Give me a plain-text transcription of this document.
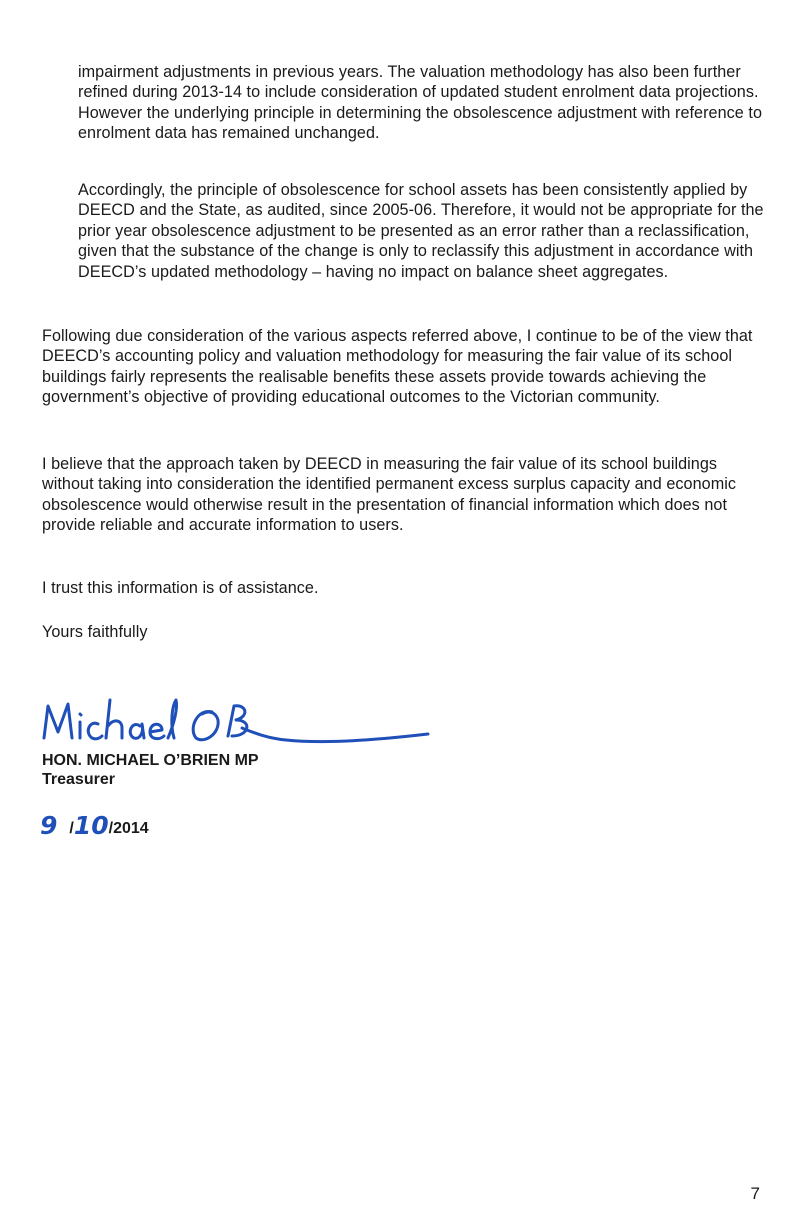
impairment adjustments in previous years. The valuation methodology has also been further refined during 2013-14 to include consideration of updated student enrolment data projections. However the underlying principle in determining the obsolescence adjustment with reference to enrolment data has remained unchanged.

Accordingly, the principle of obsolescence for school assets has been consistently applied by DEECD and the State, as audited, since 2005-06. Therefore, it would not be appropriate for the prior year obsolescence adjustment to be presented as an error rather than a reclassification, given that the substance of the change is only to reclassify this adjustment in accordance with DEECD’s updated methodology – having no impact on balance sheet aggregates.

Following due consideration of the various aspects referred above, I continue to be of the view that DEECD’s accounting policy and valuation methodology for measuring the fair value of its school buildings fairly represents the realisable benefits these assets provide towards achieving the government’s objective of providing educational outcomes to the Victorian community.

I believe that the approach taken by DEECD in measuring the fair value of its school buildings without taking into consideration the identified permanent excess surplus capacity and economic obsolescence would otherwise result in the presentation of financial information which does not provide reliable and accurate information to users.

I trust this information is of assistance.

Yours faithfully

HON. MICHAEL O’BRIEN MP

Treasurer

9 / 10 / 2014

7
